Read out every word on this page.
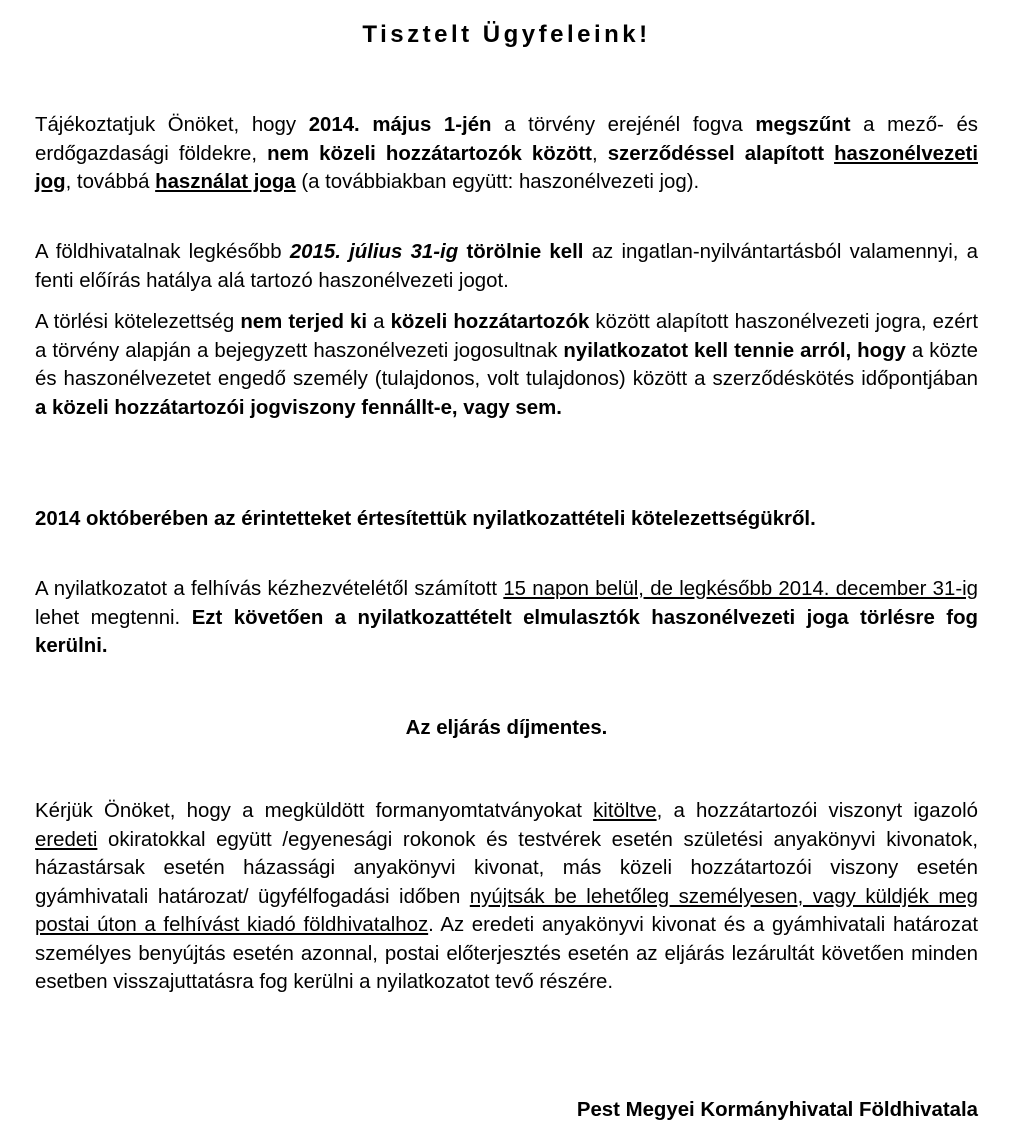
Tisztelt Ügyfeleink!

Tájékoztatjuk Önöket, hogy 2014. május 1-jén a törvény erejénél fogva megszűnt a mező- és erdőgazdasági földekre, nem közeli hozzátartozók között, szerződéssel alapított haszonélvezeti jog, továbbá használat joga (a továbbiakban együtt: haszonélvezeti jog).

A földhivatalnak legkésőbb 2015. július 31-ig törölnie kell az ingatlan-nyilvántartásból valamennyi, a fenti előírás hatálya alá tartozó haszonélvezeti jogot.

A törlési kötelezettség nem terjed ki a közeli hozzátartozók között alapított haszonélvezeti jogra, ezért a törvény alapján a bejegyzett haszonélvezeti jogosultnak nyilatkozatot kell tennie arról, hogy a közte és haszonélvezetet engedő személy (tulajdonos, volt tulajdonos) között a szerződéskötés időpontjában a közeli hozzátartozói jogviszony fennállt-e, vagy sem.

2014 októberében az érintetteket értesítettük nyilatkozattételi kötelezettségükről.

A nyilatkozatot a felhívás kézhezvételétől számított 15 napon belül, de legkésőbb 2014. december 31-ig lehet megtenni. Ezt követően a nyilatkozattételt elmulasztók haszonélvezeti joga törlésre fog kerülni.

Az eljárás díjmentes.

Kérjük Önöket, hogy a megküldött formanyomtatványokat kitöltve, a hozzátartozói viszonyt igazoló eredeti okiratokkal együtt /egyenesági rokonok és testvérek esetén születési anyakönyvi kivonatok, házastársak esetén házassági anyakönyvi kivonat, más közeli hozzátartozói viszony esetén gyámhivatali határozat/ ügyfélfogadási időben nyújtsák be lehetőleg személyesen, vagy küldjék meg postai úton a felhívást kiadó földhivatalhoz. Az eredeti anyakönyvi kivonat és a gyámhivatali határozat személyes benyújtás esetén azonnal, postai előterjesztés esetén az eljárás lezárultát követően minden esetben visszajuttatásra fog kerülni a nyilatkozatot tevő részére.

Pest Megyei Kormányhivatal Földhivatala
